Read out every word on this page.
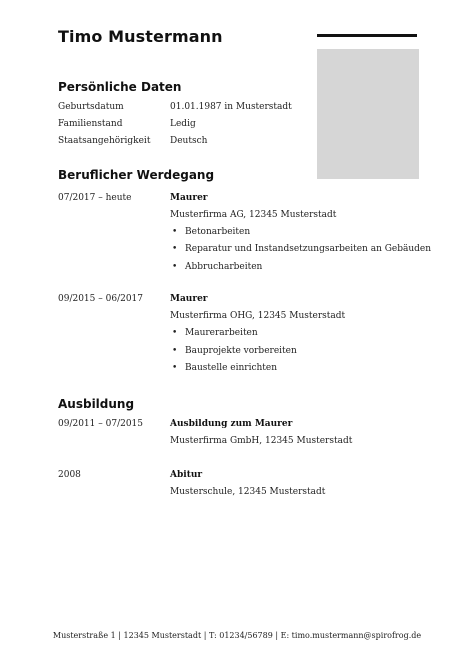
Timo Mustermann
Persönliche Daten
Geburtsdatum	01.01.1987 in Musterstadt
Familienstand	Ledig
Staatsangehörigkeit Deutsch
Beruflicher Werdegang
07/2017 – heute	Maurer
Musterfirma AG, 12345 Musterstadt
• Betonarbeiten
• Reparatur und Instandsetzungsarbeiten an Gebäuden
• Abbrucharbeiten
09/2015 – 06/2017	Maurer
Musterfirma OHG, 12345 Musterstadt
• Maurerarbeiten
• Bauprojekte vorbereiten
• Baustelle einrichten
Ausbildung
09/2011 – 07/2015	Ausbildung zum Maurer
Musterfirma GmbH, 12345 Musterstadt
2008	Abitur
Musterschule, 12345 Musterstadt
Musterstraße 1 | 12345 Musterstadt | T: 01234/56789 | E: timo.mustermann@spirofrog.de
